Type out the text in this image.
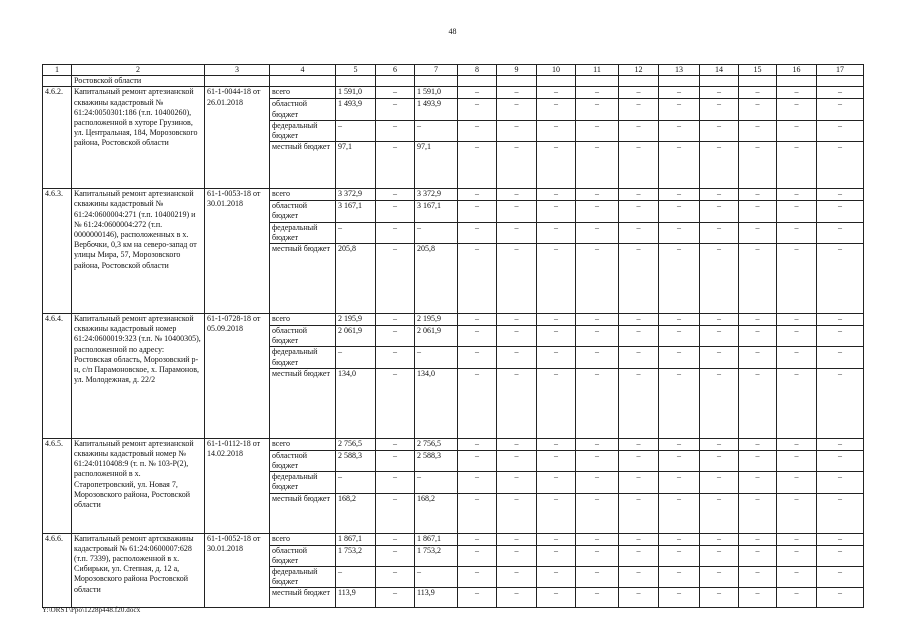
48
1	2	3	4	5	6	7	8	9	10	11	12	13	14	15	16	17
	Ростовской области															
4.6.2.	Капитальный ремонт артезианской скважины кадастровый № 61:24:0050301:186 (т.п. 10400260), расположенной в хуторе Грузинов, ул. Центральная, 184, Морозовского района, Ростовской области	61-1-0044-18 от 26.01.2018	всего	1 591,0	–	1 591,0	–	–	–	–	–	–	–	–	–	–
			областной бюджет	1 493,9	–	1 493,9	–	–	–	–	–	–	–	–	–	–
			федеральный бюджет	–	–	–	–	–	–	–	–	–	–	–	–	–
			местный бюджет	97,1	–	97,1	–	–	–	–	–	–	–	–	–	–
4.6.3.	Капитальный ремонт артезианской скважины кадастровый № 61:24:0600004:271 (т.п. 10400219) и № 61:24:0600004:272 (т.п. 0000000146), расположенных в х. Вербочки, 0,3 км на северо-запад от улицы Мира, 57, Морозовского района, Ростовской области	61-1-0053-18 от 30.01.2018	всего	3 372,9	–	3 372,9	–	–	–	–	–	–	–	–	–	–
			областной бюджет	3 167,1	–	3 167,1	–	–	–	–	–	–	–	–	–	–
			федеральный бюджет	–	–	–	–	–	–	–	–	–	–	–	–	–
			местный бюджет	205,8	–	205,8	–	–	–	–	–	–	–	–	–	–
4.6.4.	Капитальный ремонт артезианской скважины кадастровый номер 61:24:0600019:323 (т.п. № 10400305), расположенной по адресу: Ростовская область, Морозовский р-н, с/п Парамоновское, х. Парамонов, ул. Молодежная, д. 22/2	61-1-0728-18 от 05.09.2018	всего	2 195,9	–	2 195,9	–	–	–	–	–	–	–	–	–	–
			областной бюджет	2 061,9	–	2 061,9	–	–	–	–	–	–	–	–	–	–
			федеральный бюджет	–	–	–	–	–	–	–	–	–	–	–	–	–
			местный бюджет	134,0	–	134,0	–	–	–	–	–	–	–	–	–	–
4.6.5.	Капитальный ремонт артезианской скважины кадастровый номер № 61:24:0110408:9 (т. п. № 103-Р(2), расположенной в х. Старопетровский, ул. Новая 7, Морозовского района, Ростовской области	61-1-0112-18 от 14.02.2018	всего	2 756,5	–	2 756,5	–	–	–	–	–	–	–	–	–	–
			областной бюджет	2 588,3	–	2 588,3	–	–	–	–	–	–	–	–	–	–
			федеральный бюджет	–	–	–	–	–	–	–	–	–	–	–	–	–
			местный бюджет	168,2	–	168,2	–	–	–	–	–	–	–	–	–	–
4.6.6.	Капитальный ремонт артскважины кадастровый № 61:24:0600007:628 (т.п. 7339), расположенной в х. Сибирьки, ул. Степная, д. 12 а, Морозовского района Ростовской области	61-1-0052-18 от 30.01.2018	всего	1 867,1	–	1 867,1	–	–	–	–	–	–	–	–	–	–
			областной бюджет	1 753,2	–	1 753,2	–	–	–	–	–	–	–	–	–	–
			федеральный бюджет	–	–	–	–	–	–	–	–	–	–	–	–	–
			местный бюджет	113,9	–	113,9	–	–	–	–	–	–	–	–	–	–
Y:\ORST\Ppo\1228p448.f20.docx
